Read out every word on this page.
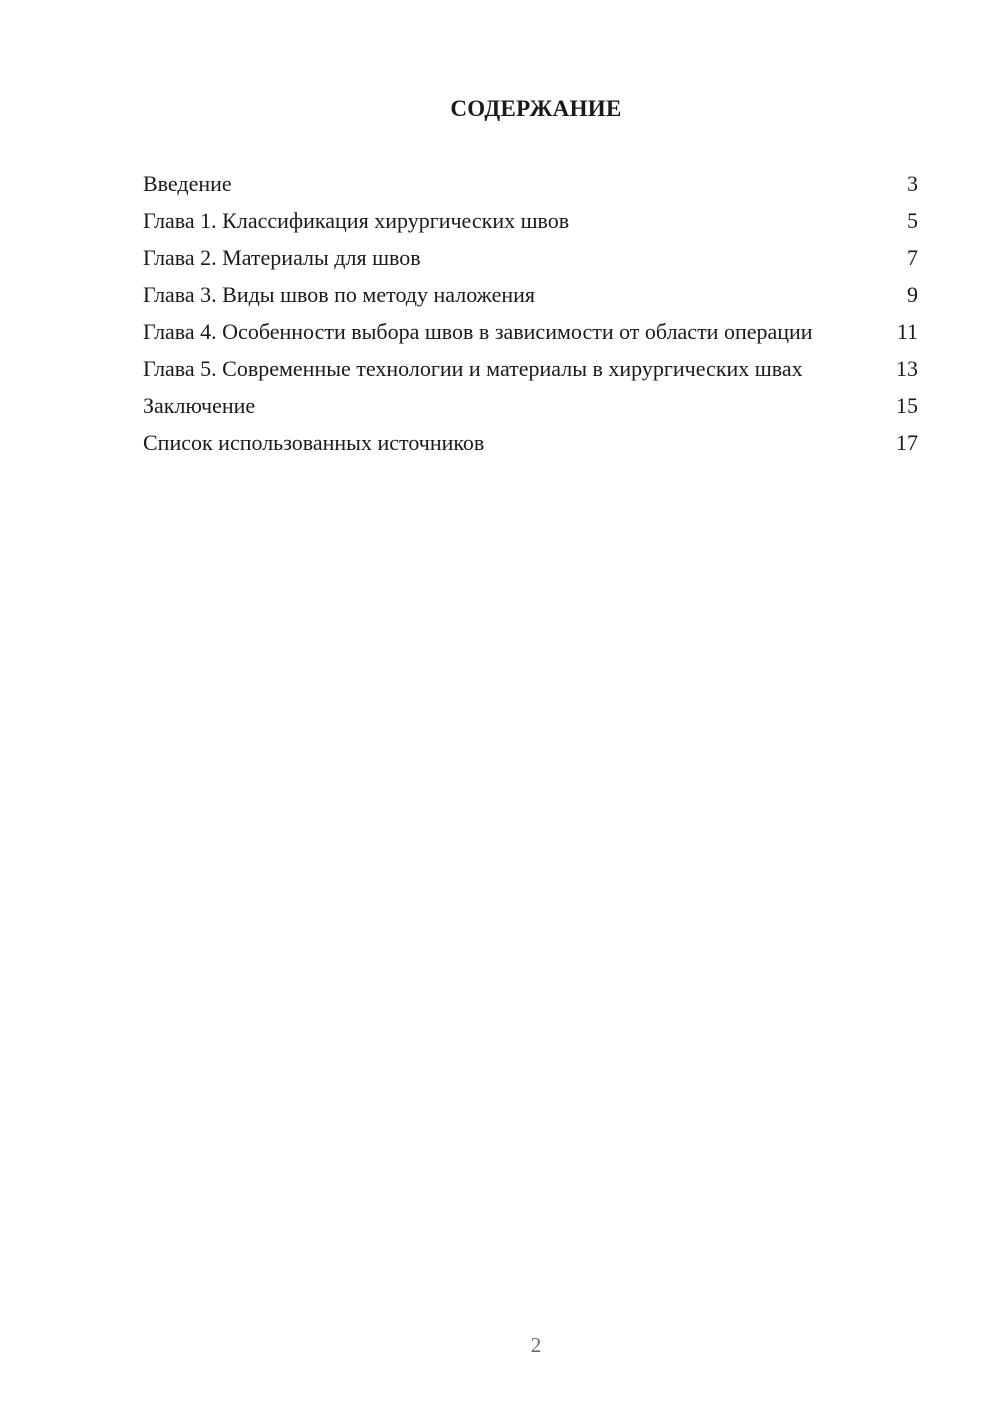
СОДЕРЖАНИЕ
Введение	3
Глава 1. Классификация хирургических швов	5
Глава 2. Материалы для швов	7
Глава 3. Виды швов по методу наложения	9
Глава 4. Особенности выбора швов в зависимости от области операции	11
Глава 5. Современные технологии и материалы в хирургических швах	13
Заключение	15
Список использованных источников	17
2
